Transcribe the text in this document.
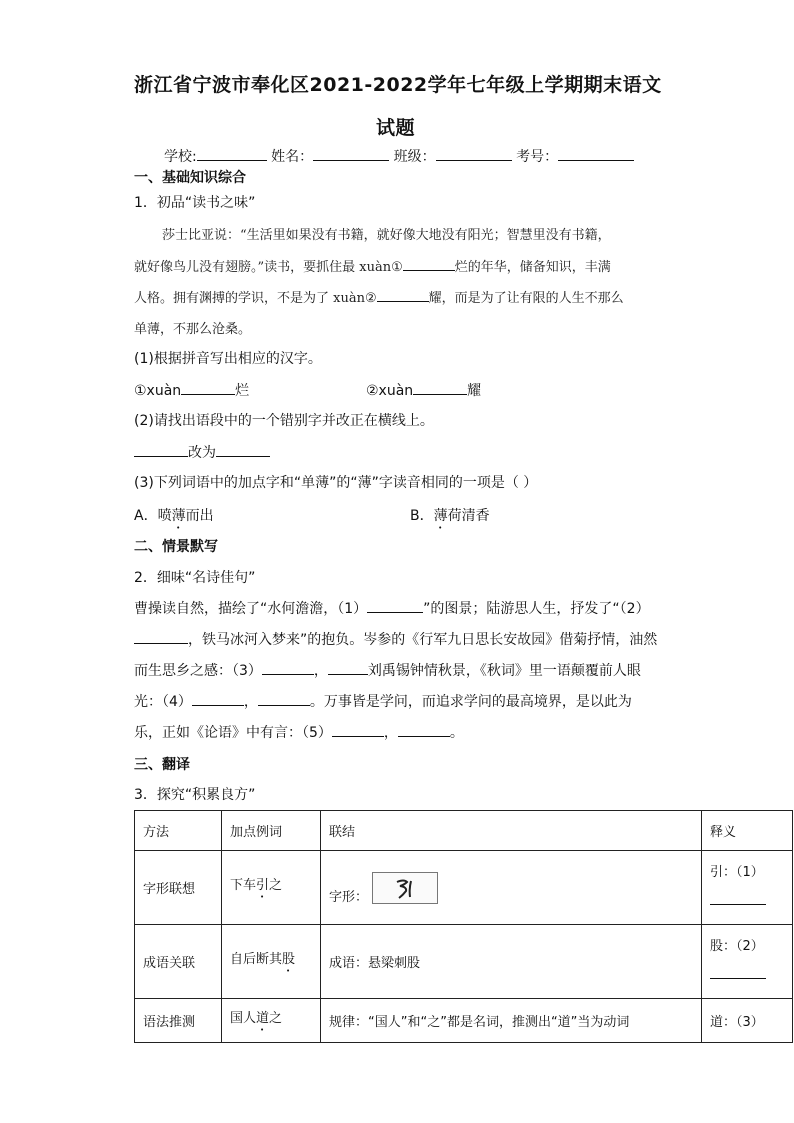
浙江省宁波市奉化区2021-2022学年七年级上学期期末语文
试题
学校:	姓名：	班级：	考号：
一、基础知识综合
1．初品“读书之味”
莎士比亚说：“生活里如果没有书籍，就好像大地没有阳光；智慧里没有书籍，
就好像鸟儿没有翅膀。”读书，要抓住最 xuàn①	烂的年华，储备知识，丰满
人格。拥有渊搏的学识，不是为了 xuàn②	耀，而是为了让有限的人生不那么
单薄，不那么沧桑。
(1)根据拼音写出相应的汉字。
①xuàn	烂	②xuàn	耀
(2)请找出语段中的一个错别字并改正在横线上。
改为
(3)下列词语中的加点字和“单薄”的“薄”字读音相同的一项是（ ）
A．喷薄而出	B．薄荷清香
二、情景默写
2．细味“名诗佳句”
曹操读自然，描绘了“水何澹澹，（1）	”的图景；陆游思人生，抒发了“（2）
，铁马冰河入梦来”的抱负。岑参的《行军九日思长安故园》借菊抒情，油然
而生思乡之感：（3）	，	刘禹锡钟情秋景，《秋词》里一语颠覆前人眼
光：（4）	，	。万事皆是学问，而追求学问的最高境界，是以此为
乐，正如《论语》中有言：（5）	，	。
三、翻译
3．探究“积累良方”
方法	加点例词	联结	释义
字形联想	下车引之	字形：	引：（1）

成语关联	自后断其股	成语：悬梁刺股	股：（2）

语法推测	国人道之	规律：“国人”和“之”都是名词，推测出“道”当为动词	道：（3）
